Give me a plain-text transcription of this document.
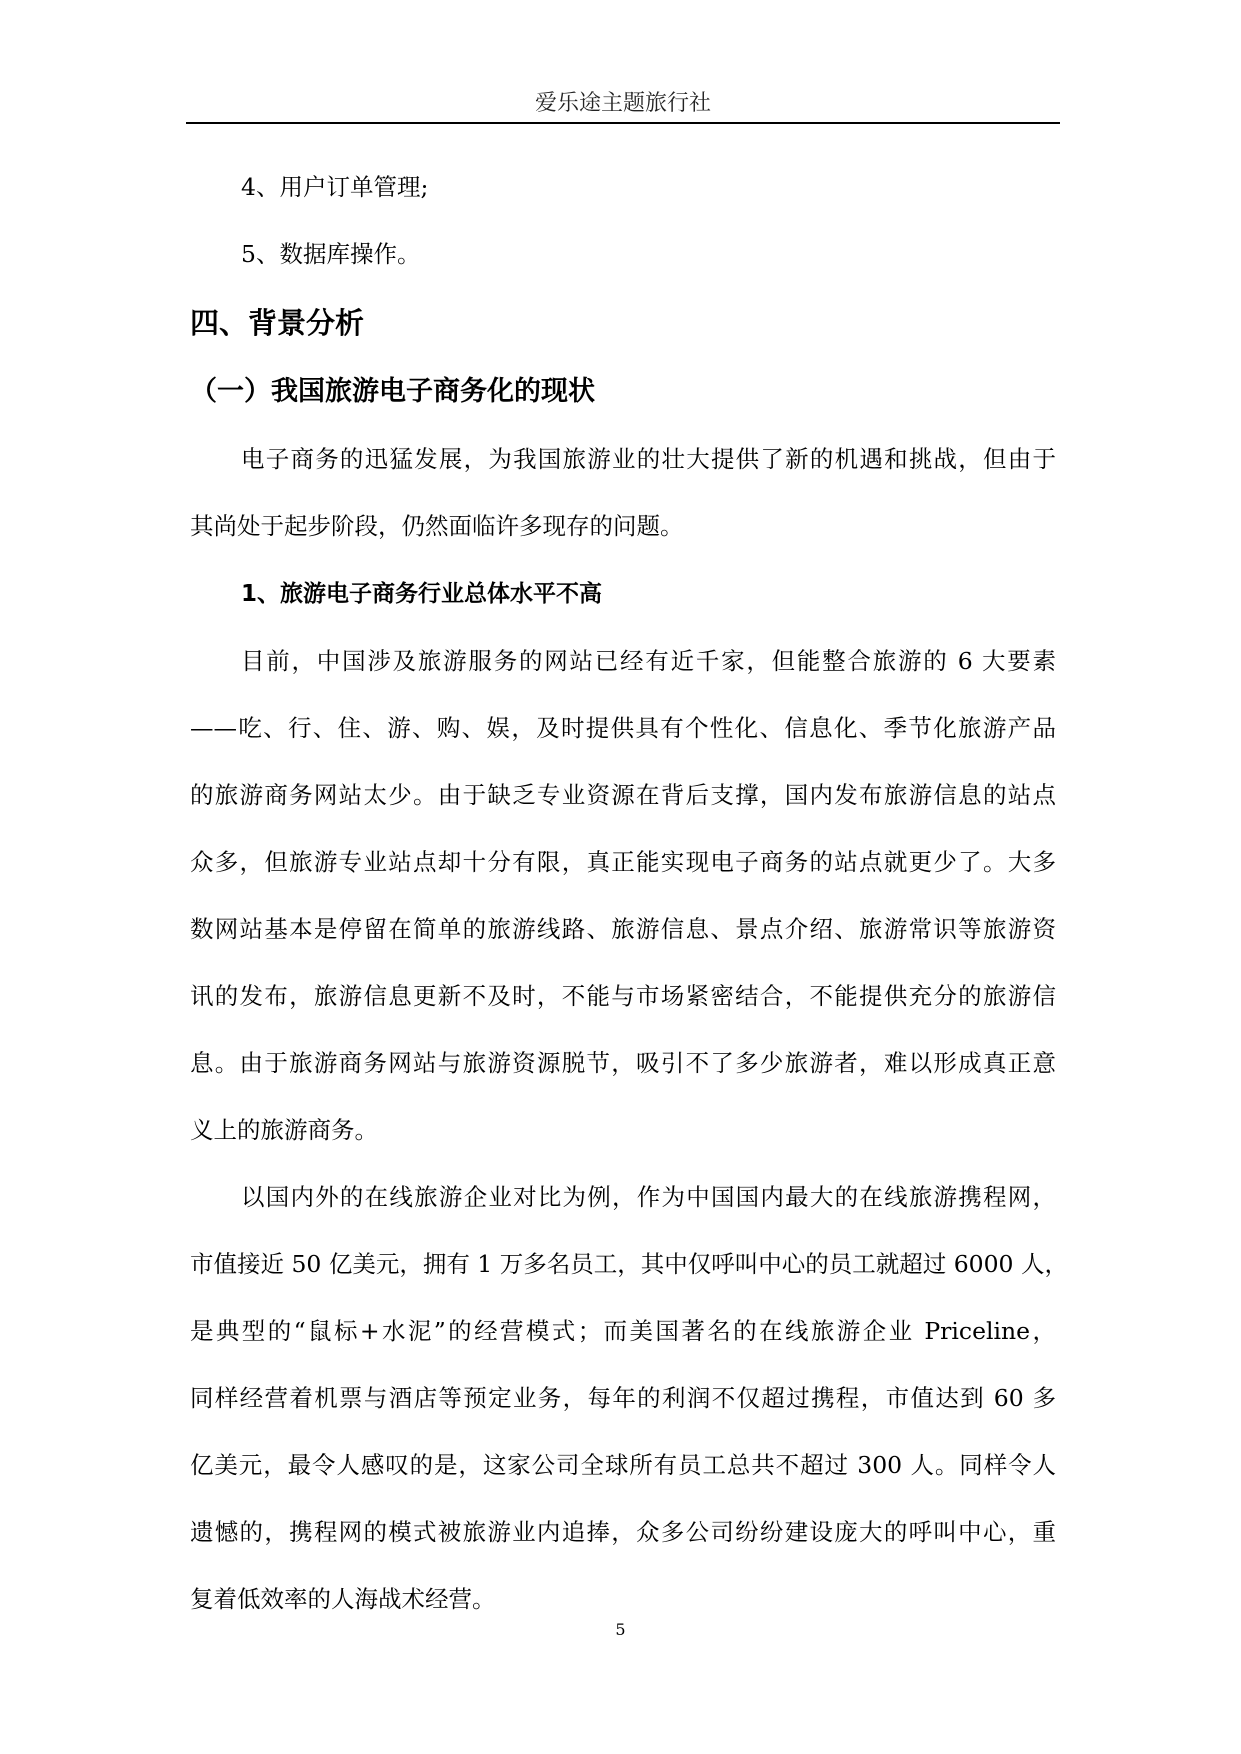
爱乐途主题旅行社

4、用户订单管理;

5、数据库操作。

四、背景分析
（一）我国旅游电子商务化的现状

电子商务的迅猛发展，为我国旅游业的壮大提供了新的机遇和挑战，但由于

其尚处于起步阶段，仍然面临许多现存的问题。

1、旅游电子商务行业总体水平不高

目前，中国涉及旅游服务的网站已经有近千家，但能整合旅游的 6 大要素

——吃、行、住、游、购、娱，及时提供具有个性化、信息化、季节化旅游产品

的旅游商务网站太少。由于缺乏专业资源在背后支撑，国内发布旅游信息的站点

众多，但旅游专业站点却十分有限，真正能实现电子商务的站点就更少了。大多

数网站基本是停留在简单的旅游线路、旅游信息、景点介绍、旅游常识等旅游资

讯的发布，旅游信息更新不及时，不能与市场紧密结合，不能提供充分的旅游信

息。由于旅游商务网站与旅游资源脱节，吸引不了多少旅游者，难以形成真正意

义上的旅游商务。

以国内外的在线旅游企业对比为例，作为中国国内最大的在线旅游携程网，

市值接近 50 亿美元，拥有 1 万多名员工，其中仅呼叫中心的员工就超过 6000 人，

是典型的“鼠标+水泥”的经营模式；而美国著名的在线旅游企业 Priceline，

同样经营着机票与酒店等预定业务，每年的利润不仅超过携程，市值达到 60 多

亿美元，最令人感叹的是，这家公司全球所有员工总共不超过 300 人。同样令人

遗憾的，携程网的模式被旅游业内追捧，众多公司纷纷建设庞大的呼叫中心，重

复着低效率的人海战术经营。

5
